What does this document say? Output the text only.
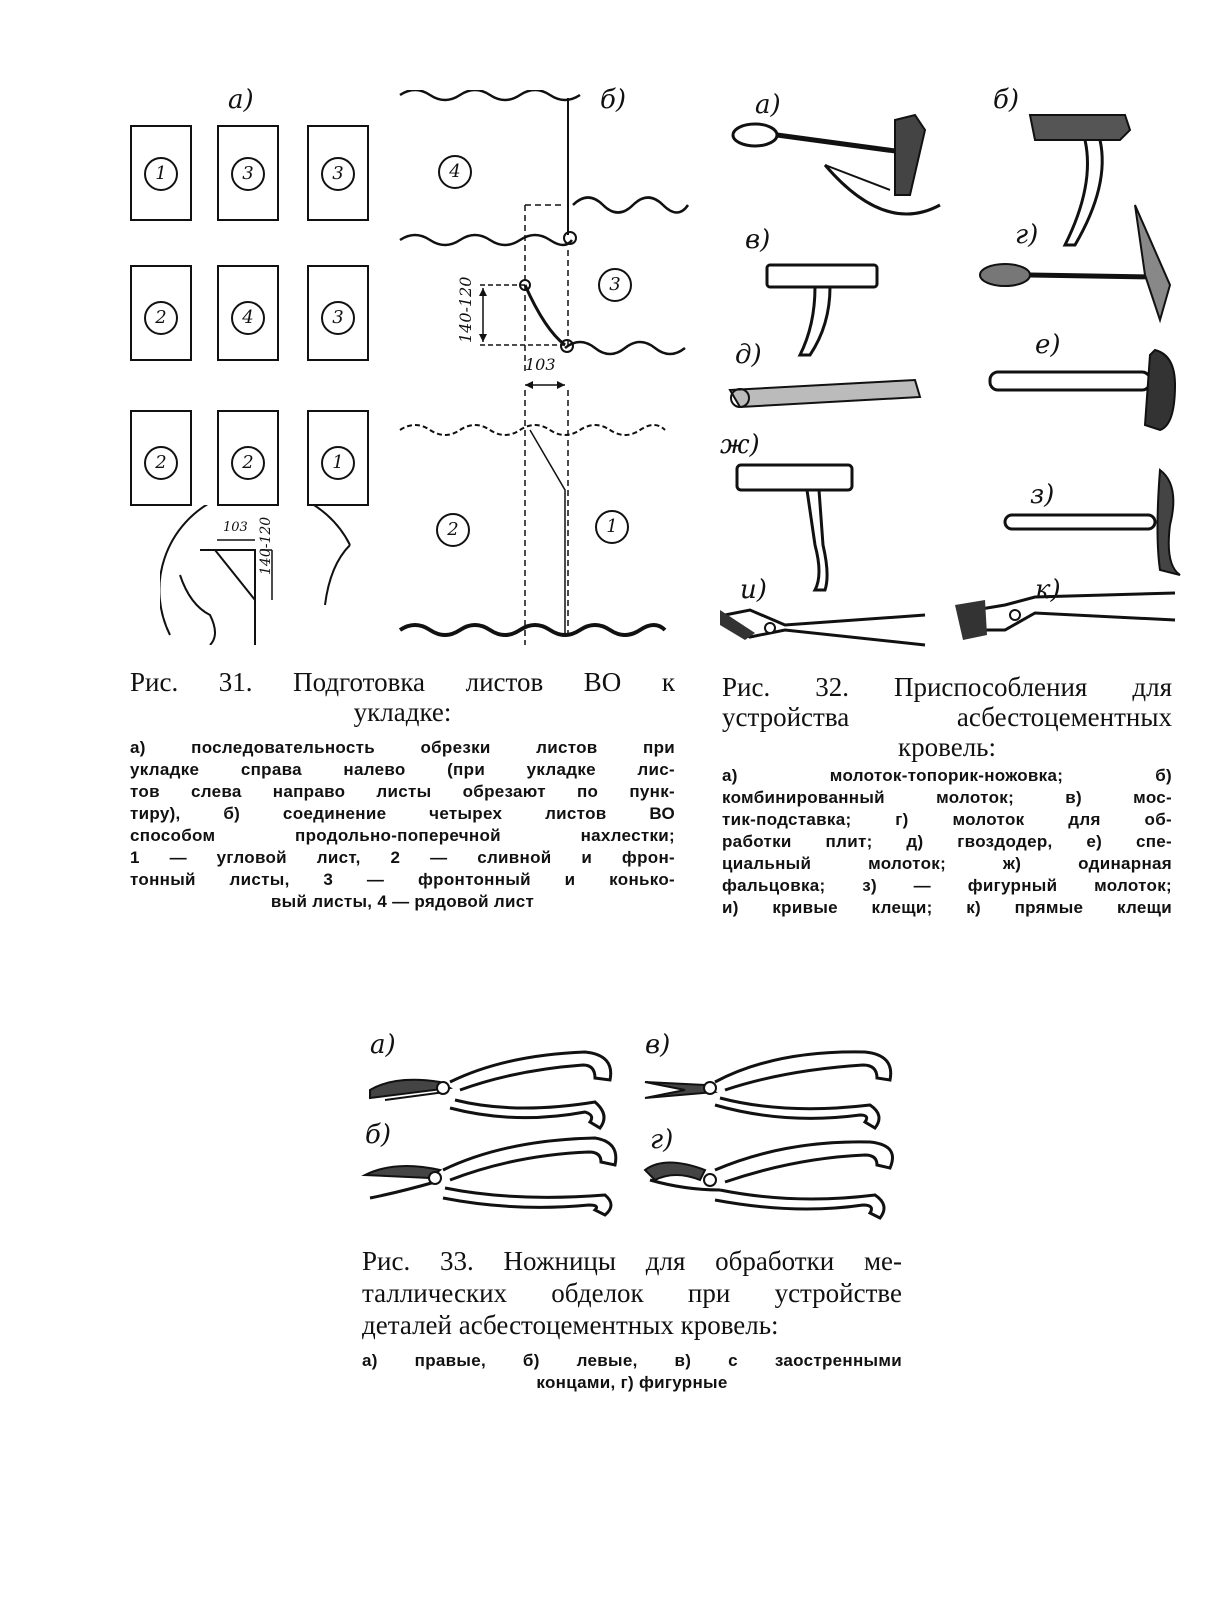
а)
1	3	3
2	4	3
2	2	1
103 140-120
б)
140-120
103
4
3
2	1
Рис. 31. Подготовка листов ВО к
укладке:
а) последовательность обрезки листов при
укладке справа налево (при укладке лис-
тов слева направо листы обрезают по пунк-
тиру), б) соединение четырех листов ВО
способом продольно-поперечной нахлестки;
1 — угловой лист, 2 — сливной и фрон-
тонный листы, 3 — фронтонный и конько-
вый листы, 4 — рядовой лист
а)	б)
в)	г)
д)	е)
ж)
з)
и)	к)
Рис. 32. Приспособления для
устройства асбестоцементных
кровель:
а) молоток-топорик-ножовка; б)
комбинированный молоток; в) мос-
тик-подставка; г) молоток для об-
работки плит; д) гвоздодер, е) спе-
циальный молоток; ж) одинарная
фальцовка; з) — фигурный молоток;
и) кривые клещи; к) прямые клещи
а)	в)
б)	г)
Рис. 33. Ножницы для обработки ме-
таллических обделок при устройстве
деталей асбестоцементных кровель:
а) правые, б) левые, в) с заостренными
концами, г) фигурные
